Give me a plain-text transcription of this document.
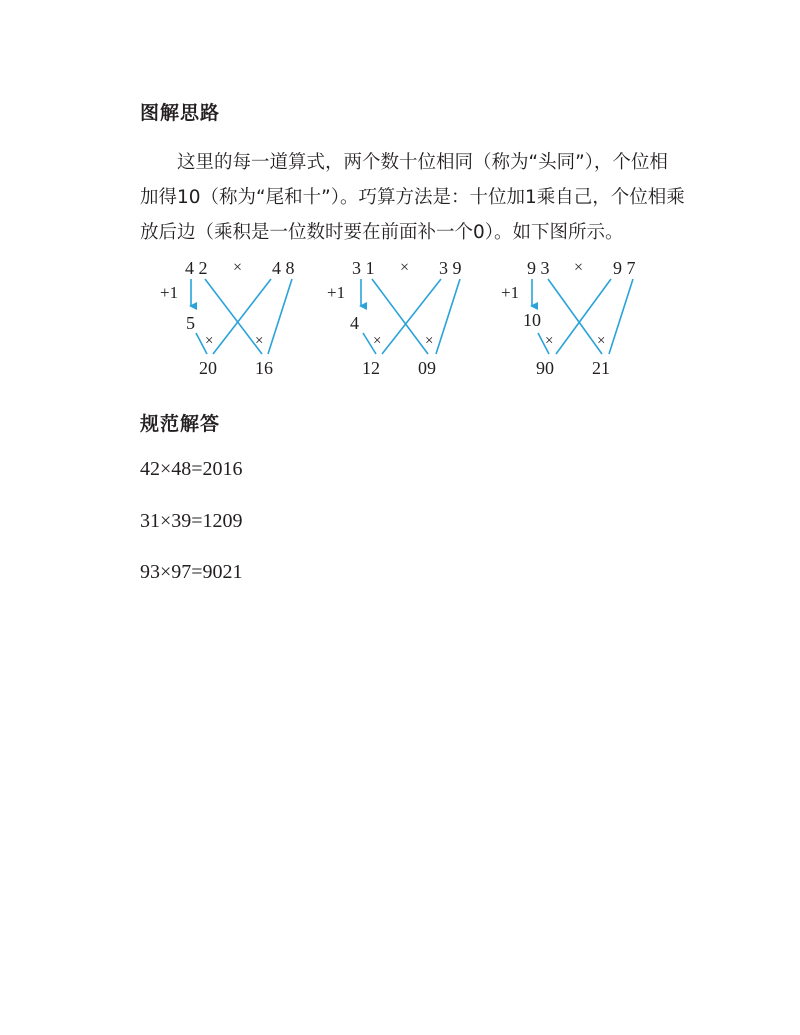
图解思路

这里的每一道算式，两个数十位相同（称为“头同”），个位相

加得10（称为“尾和十”）。巧算方法是：十位加1乘自己，个位相乘

放后边（乘积是一位数时要在前面补一个0）。如下图所示。

4 2 × 4 8
+1
5
×	×
20 16
3 1 × 3 9
+1
4
×	×
12 09
9 3 × 9 7
+1
10
×	×
90 21
规范解答
42×48=2016
31×39=1209
93×97=9021
